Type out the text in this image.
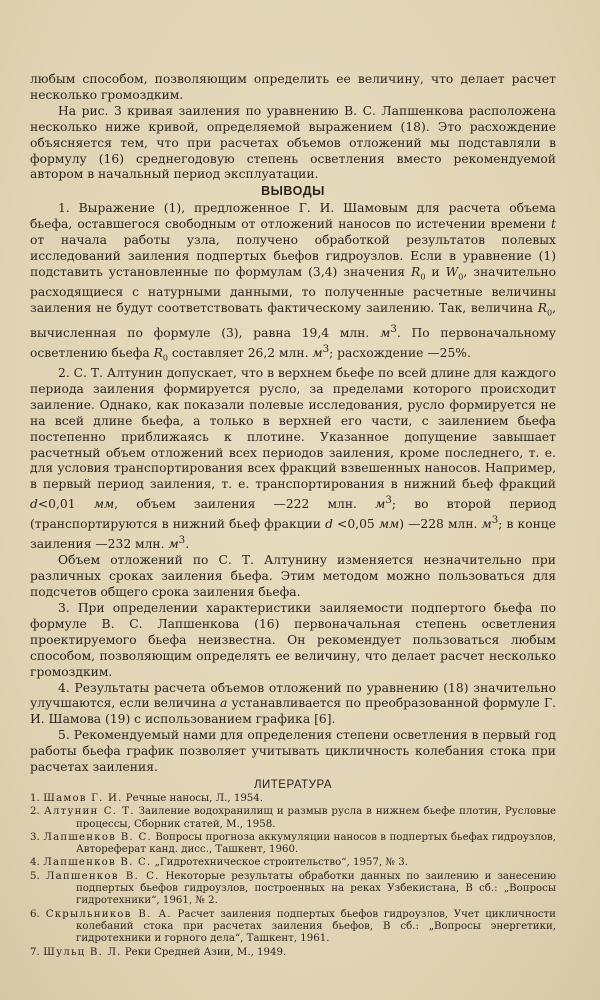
любым способом, позволяющим определить ее величину, что делает расчет несколько громоздким.

На рис. 3 кривая заиления по уравнению В. С. Лапшенкова расположена несколько ниже кривой, определяемой выражением (18). Это расхождение объясняется тем, что при расчетах объемов отложений мы подставляли в формулу (16) среднегодовую степень осветления вместо рекомендуемой автором в начальный период эксплуатации.

ВЫВОДЫ

1. Выражение (1), предложенное Г. И. Шамовым для расчета объема бьефа, оставшегося свободным от отложений наносов по истечении времени t от начала работы узла, получено обработкой результатов полевых исследований заиления подпертых бьефов гидроузлов. Если в уравнение (1) подставить установленные по формулам (3,4) значения $R_0$ и $W_0$, значительно расходящиеся с натурными данными, то полученные расчетные величины заиления не будут соответствовать фактическому заилению. Так, величина $R_0$, вычисленная по формуле (3), равна 19,4 млн. $м^3$. По первоначальному осветлению бьефа $R_0$ составляет 26,2 млн. $м^3$; расхождение —25%.

2. С. Т. Алтунин допускает, что в верхнем бьефе по всей длине для каждого периода заиления формируется русло, за пределами которого происходит заиление. Однако, как показали полевые исследования, русло формируется не на всей длине бьефа, а только в верхней его части, с заилением бьефа постепенно приближаясь к плотине. Указанное допущение завышает расчетный объем отложений всех периодов заиления, кроме последнего, т. е. для условия транспортирования всех фракций взвешенных наносов. Например, в первый период заиления, т. е. транспортирования в нижний бьеф фракций d<0,01 мм, объем заиления —222 млн. $м^3$; во второй период (транспортируются в нижний бьеф фракции d <0,05 мм) —228 млн. $м^3$; в конце заиления —232 млн. $м^3$.

Объем отложений по С. Т. Алтунину изменяется незначительно при различных сроках заиления бьефа. Этим методом можно пользоваться для подсчетов общего срока заиления бьефа.

3. При определении характеристики заиляемости подпертого бьефа по формуле В. С. Лапшенкова (16) первоначальная степень осветления проектируемого бьефа неизвестна. Он рекомендует пользоваться любым способом, позволяющим определять ее величину, что делает расчет несколько громоздким.

4. Результаты расчета объемов отложений по уравнению (18) значительно улучшаются, если величина a устанавливается по преобразованной формуле Г. И. Шамова (19) с использованием графика [6].

5. Рекомендуемый нами для определения степени осветления в первый год работы бьефа график позволяет учитывать цикличность колебания стока при расчетах заиления.

ЛИТЕРАТУРА
1. Шамов Г. И. Речные наносы, Л., 1954.
2. Алтунин С. Т. Заиление водохранилищ и размыв русла в нижнем бьефе плотин, Русловые процессы, Сборник статей, М., 1958.
3. Лапшенков В. С. Вопросы прогноза аккумуляции наносов в подпертых бьефах гидроузлов, Автореферат канд. дисс., Ташкент, 1960.
4. Лапшенков В. С. „Гидротехническое строительство“, 1957, № 3.
5. Лапшенков В. С. Некоторые результаты обработки данных по заилению и занесению подпертых бьефов гидроузлов, построенных на реках Узбекистана, В сб.: „Вопросы гидротехники“, 1961, № 2.
6. Скрыльников В. А. Расчет заиления подпертых бьефов гидроузлов, Учет цикличности колебаний стока при расчетах заиления бьефов, В сб.: „Вопросы энергетики, гидротехники и горного дела“, Ташкент, 1961.
7. Шульц В. Л. Реки Средней Азии, М., 1949.
